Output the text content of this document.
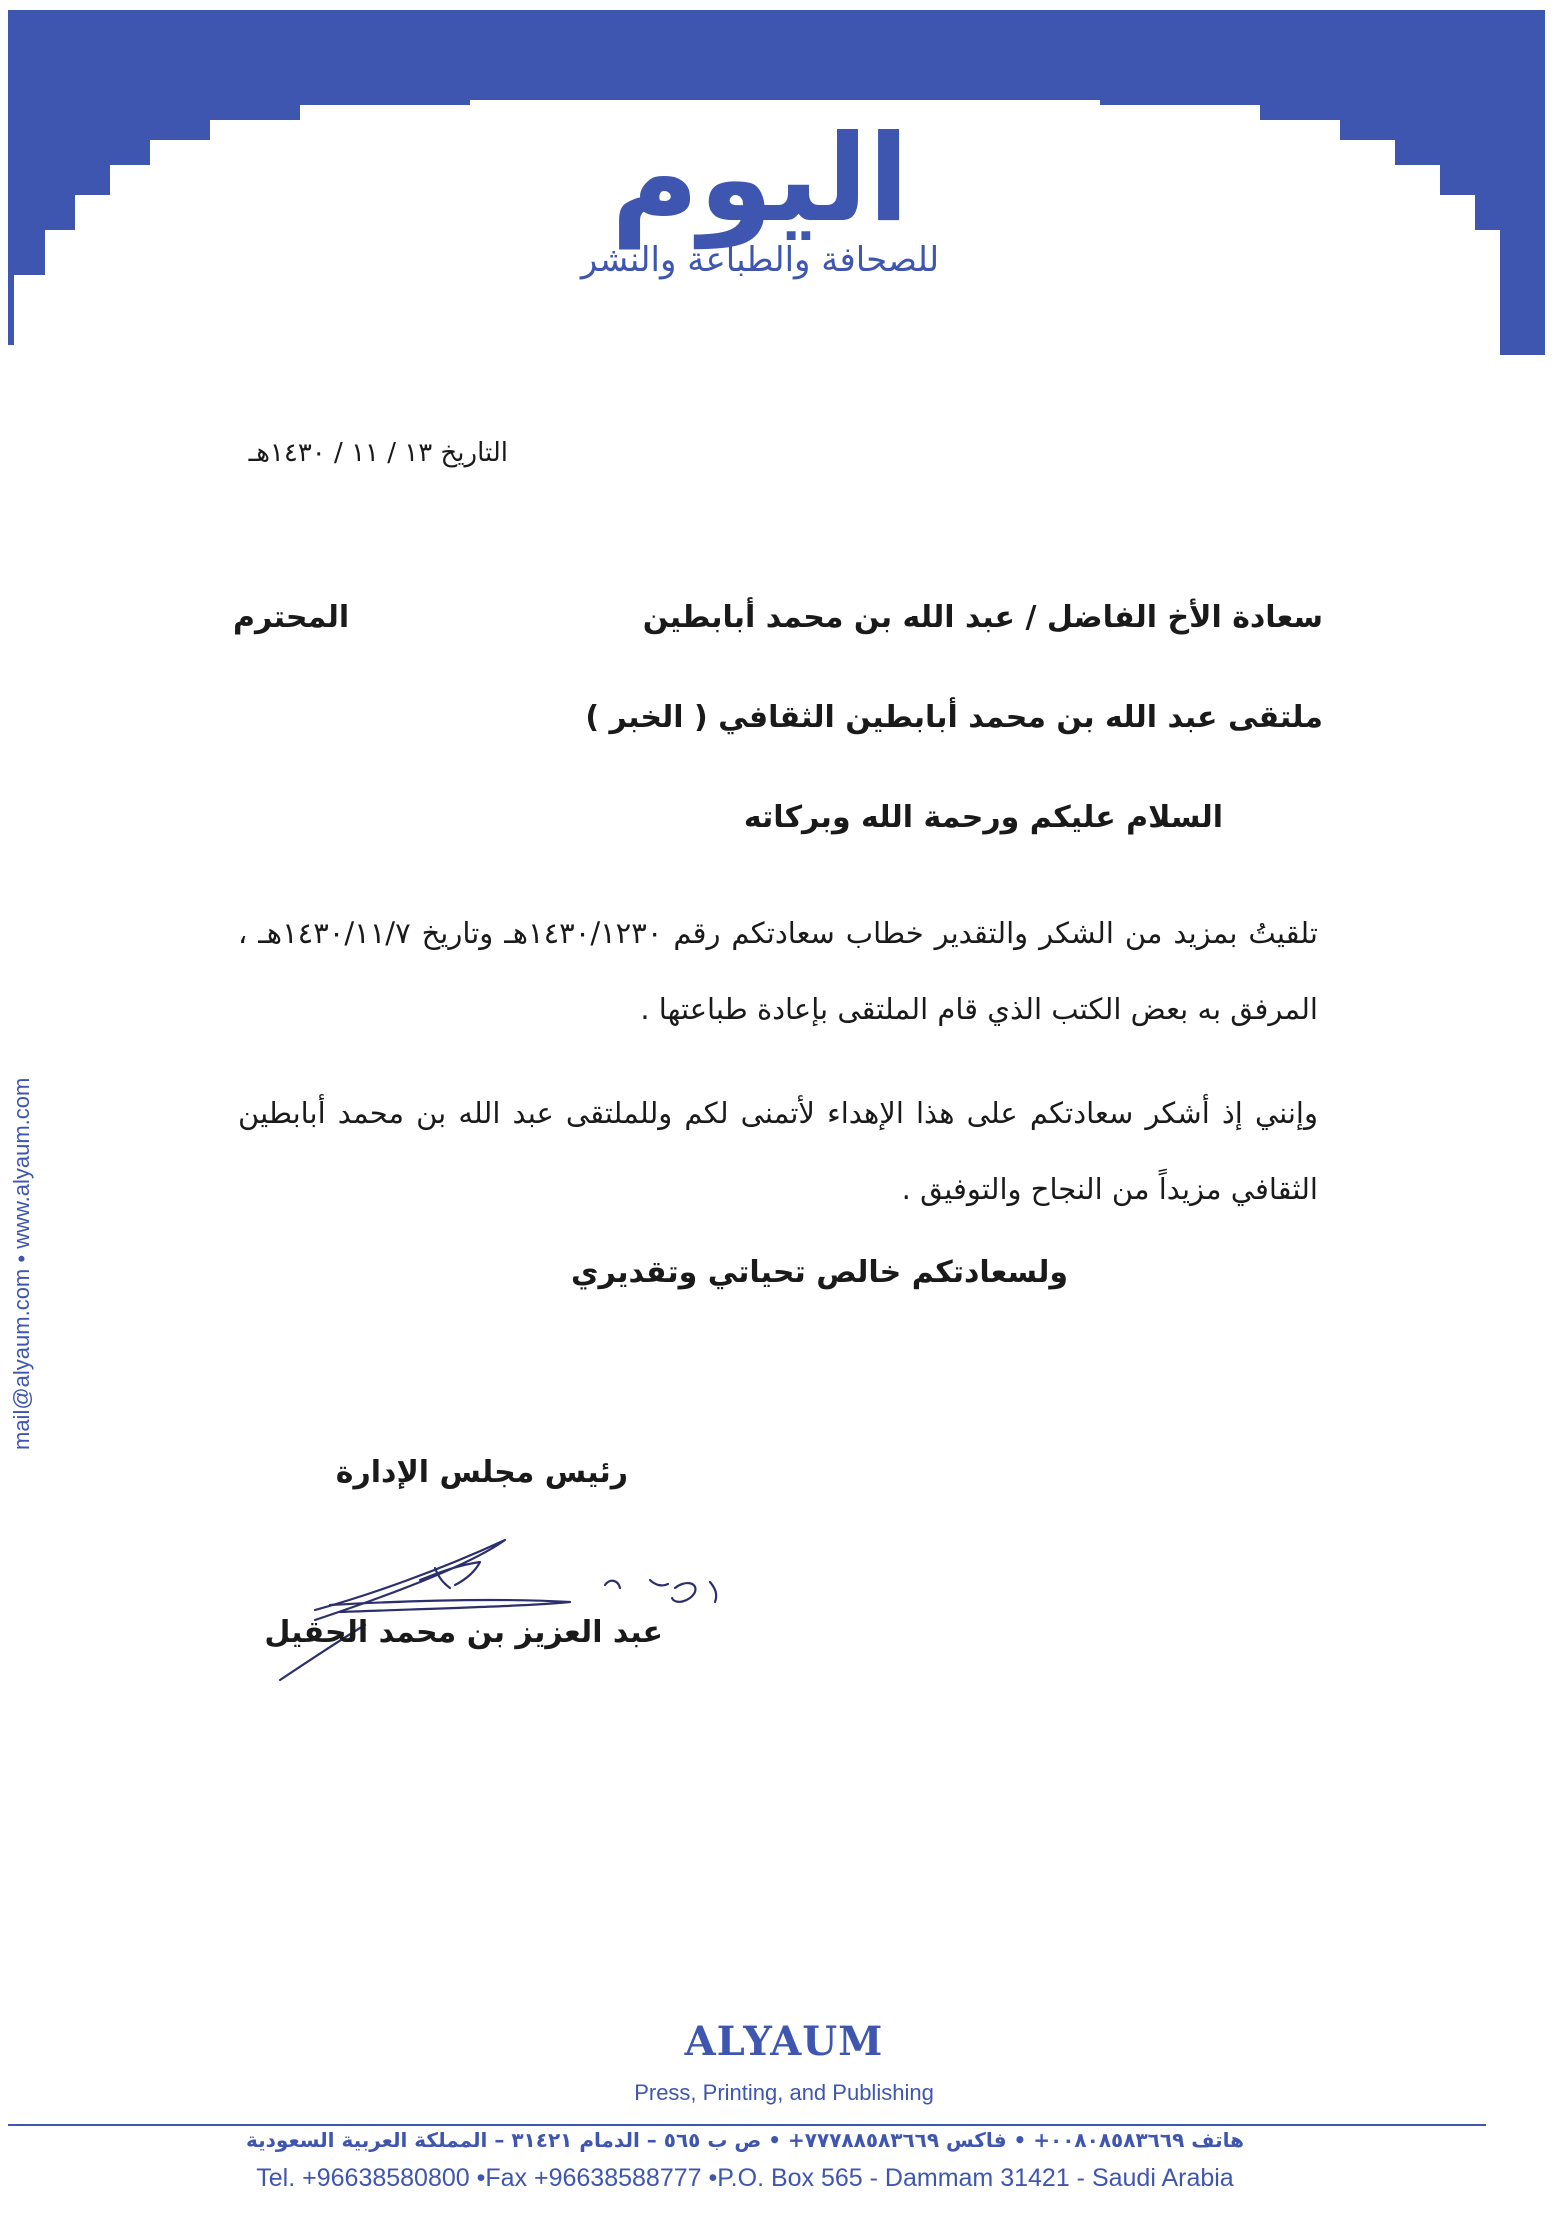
اليوم
للصحافة والطباعة والنشر
mail@alyaum.com • www.alyaum.com
التاريخ ١٣ / ١١ / ١٤٣٠هـ
سعادة الأخ الفاضل / عبد الله بن محمد أبابطين
المحترم
ملتقى عبد الله بن محمد أبابطين الثقافي ( الخبر )
السلام عليكم ورحمة الله وبركاته
تلقيتُ بمزيد من الشكر والتقدير خطاب سعادتكم رقم ١٤٣٠/١٢٣٠هـ وتاريخ ١٤٣٠/١١/٧هـ ، المرفق به بعض الكتب الذي قام الملتقى بإعادة طباعتها .
وإنني إذ أشكر سعادتكم على هذا الإهداء لأتمنى لكم وللملتقى عبد الله بن محمد أبابطين الثقافي مزيداً من النجاح والتوفيق .
ولسعادتكم خالص تحياتي وتقديري
رئيس مجلس الإدارة
عبد العزيز بن محمد الحقيل
ALYAUM
Press, Printing, and Publishing
هاتف ٠٠٨٠٨٥٨٣٦٦٩+ • فاكس ٧٧٧٨٨٥٨٣٦٦٩+ • ص ب ٥٦٥ – الدمام ٣١٤٢١ – المملكة العربية السعودية
Tel. +96638580800 •Fax +96638588777 •P.O. Box 565 - Dammam 31421 - Saudi Arabia
